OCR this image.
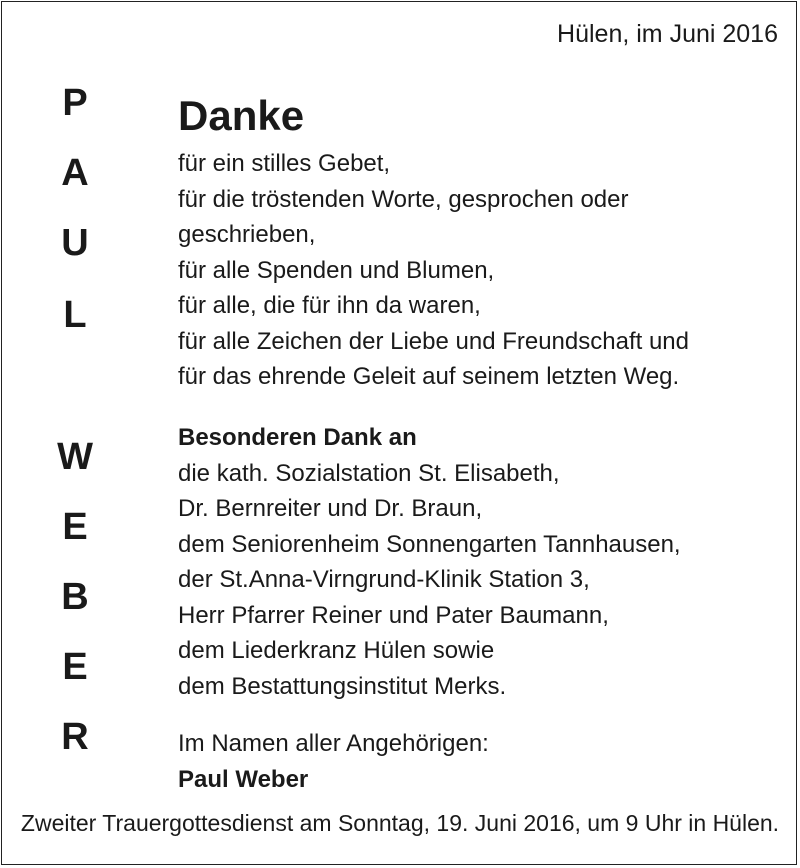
Hülen, im Juni 2016
P
A
U
L
W
E
B
E
R
Danke
für ein stilles Gebet,
für die tröstenden Worte, gesprochen oder
geschrieben,
für alle Spenden und Blumen,
für alle, die für ihn da waren,
für alle Zeichen der Liebe und Freundschaft und
für das ehrende Geleit auf seinem letzten Weg.
Besonderen Dank an
die kath. Sozialstation St. Elisabeth,
Dr. Bernreiter und Dr. Braun,
dem Seniorenheim Sonnengarten Tannhausen,
der St.Anna-Virngrund-Klinik Station 3,
Herr Pfarrer Reiner und Pater Baumann,
dem Liederkranz Hülen sowie
dem Bestattungsinstitut Merks.
Im Namen aller Angehörigen:
Paul Weber
Zweiter Trauergottesdienst am Sonntag, 19. Juni 2016, um 9 Uhr in Hülen.
